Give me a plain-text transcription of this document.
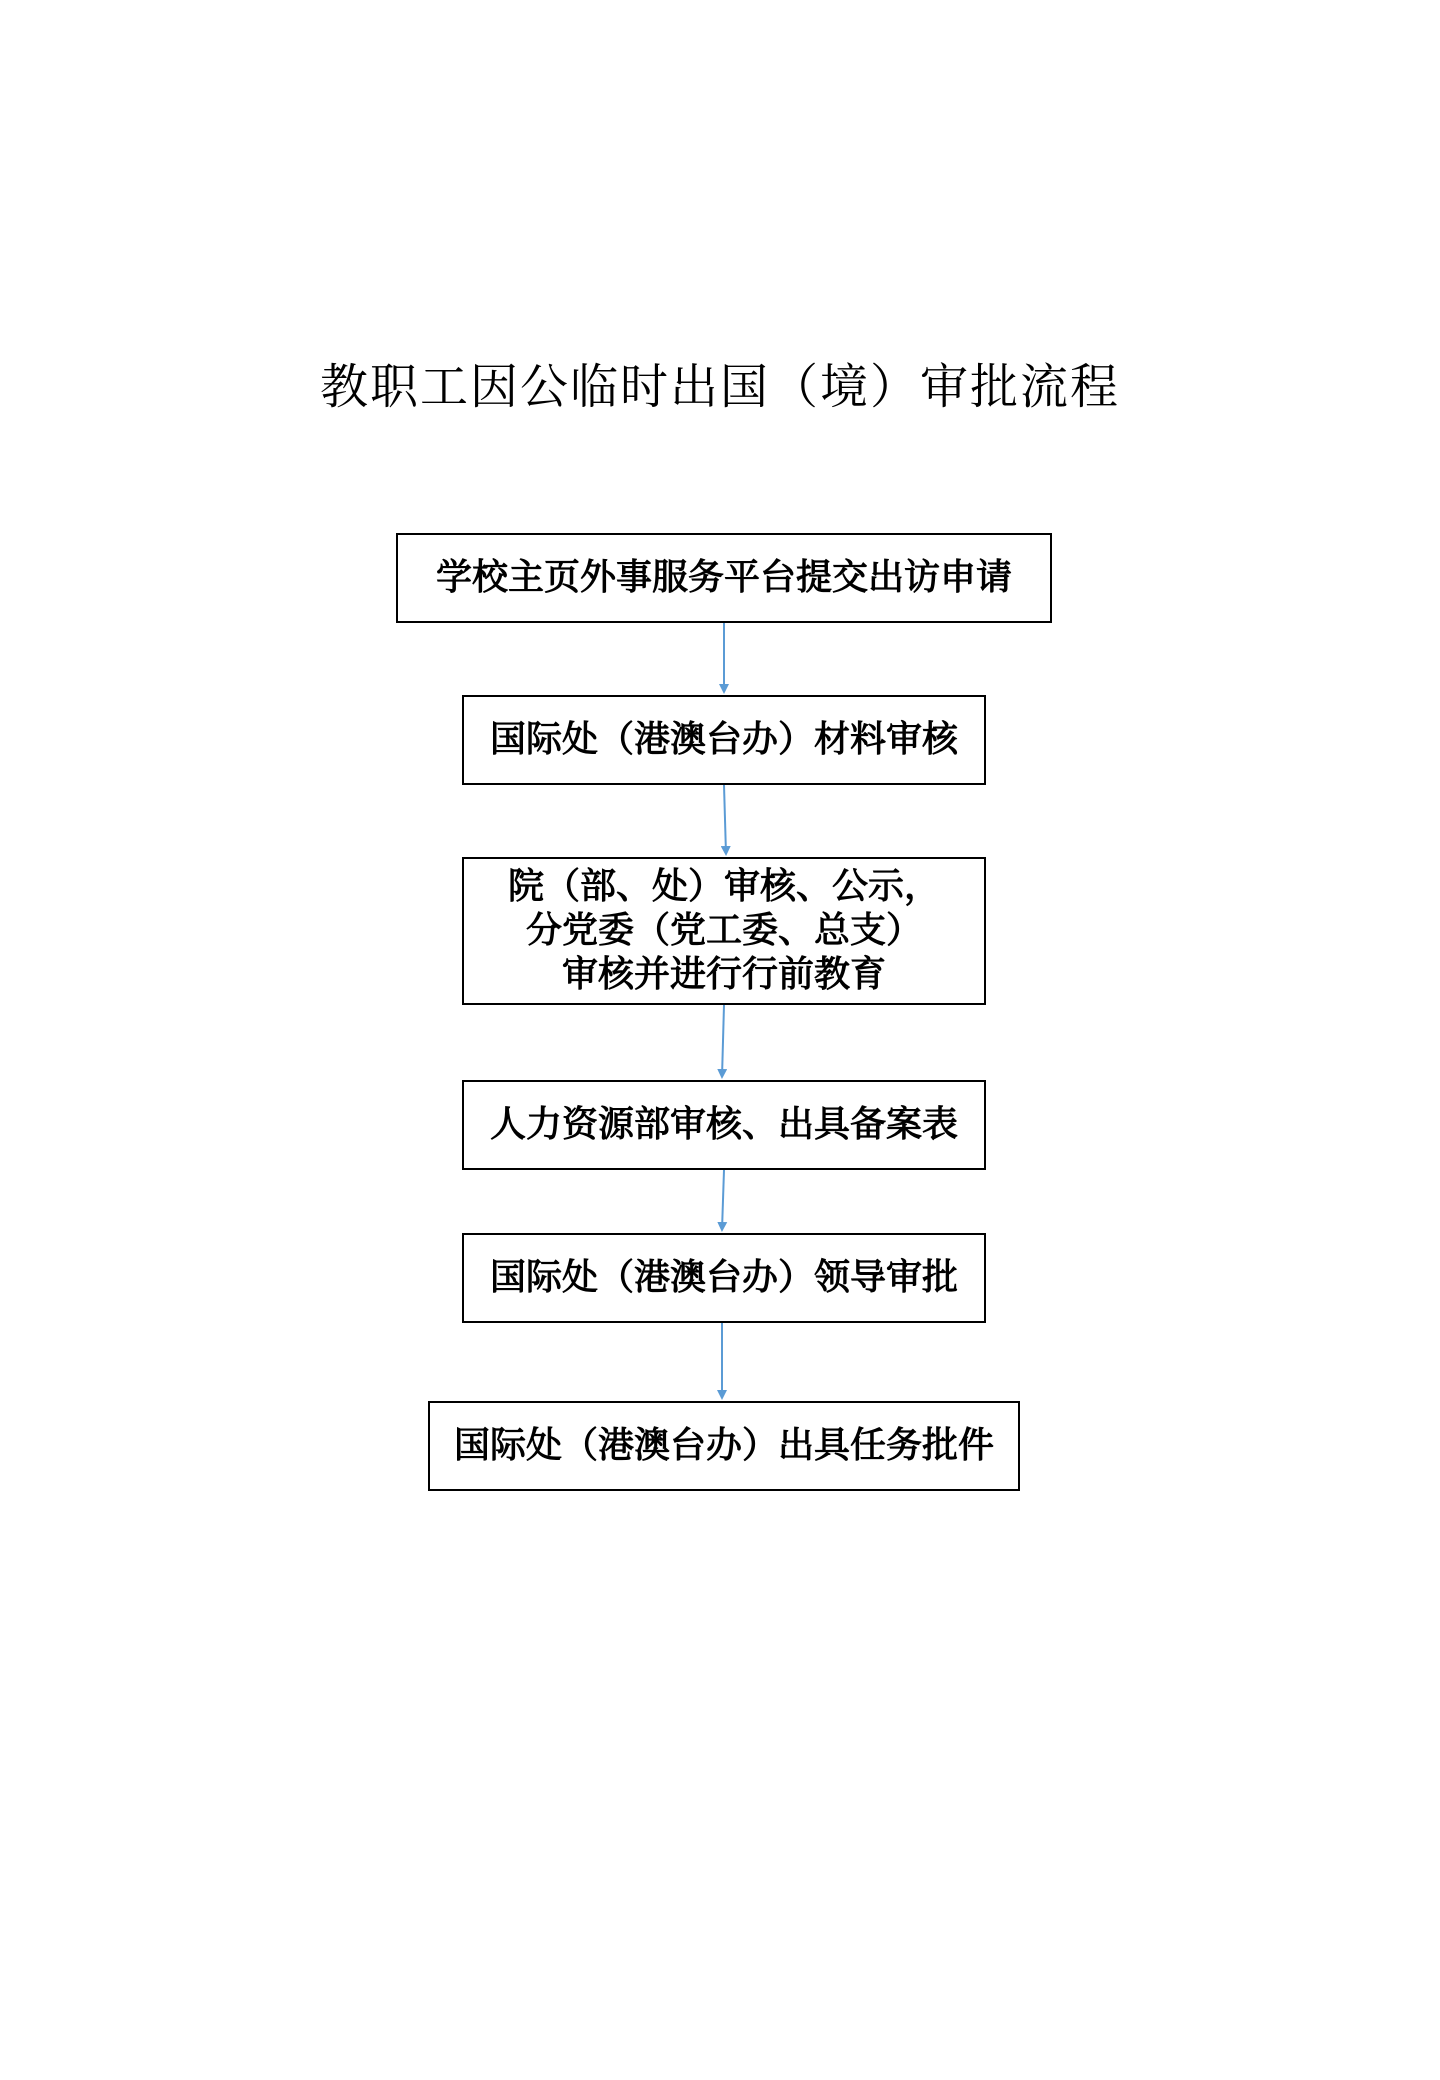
教职工因公临时出国（境）审批流程
学校主页外事服务平台提交出访申请
国际处（港澳台办）材料审核
院（部、处）审核、公示，
分党委（党工委、总支）
审核并进行行前教育
人力资源部审核、出具备案表
国际处（港澳台办）领导审批
国际处（港澳台办）出具任务批件
